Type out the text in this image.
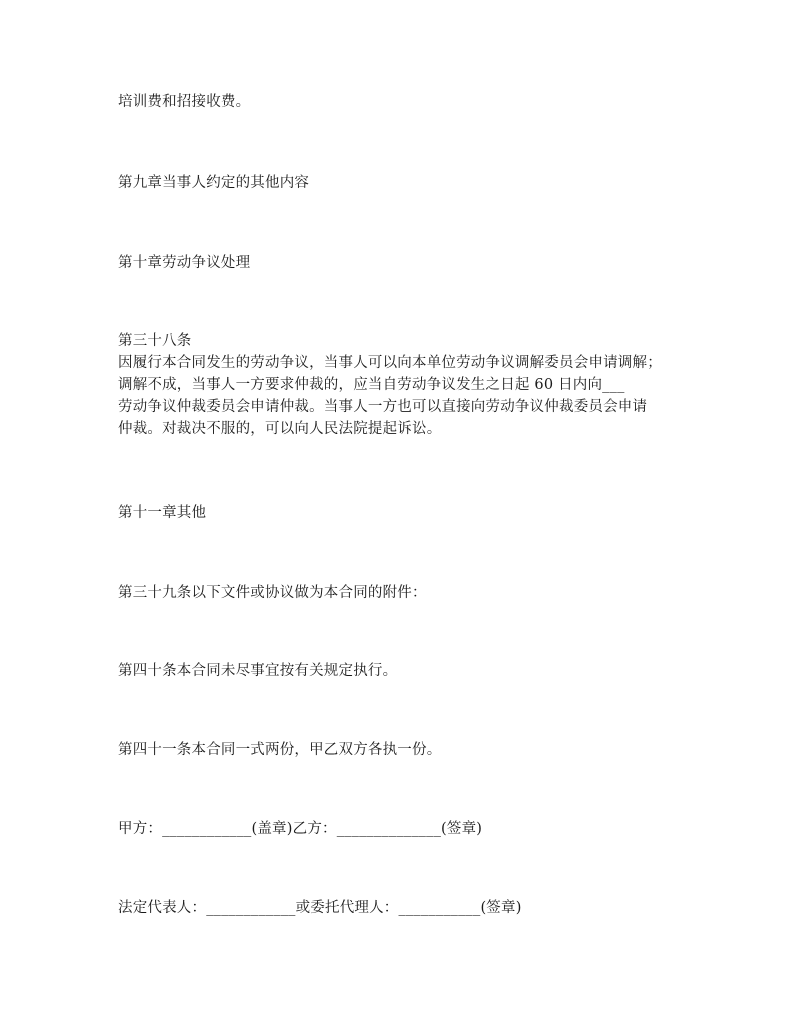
培训费和招接收费。
第九章当事人约定的其他内容
第十章劳动争议处理
第三十八条
因履行本合同发生的劳动争议，当事人可以向本单位劳动争议调解委员会申请调解；
调解不成，当事人一方要求仲裁的，应当自劳动争议发生之日起 60 日内向___
劳动争议仲裁委员会申请仲裁。当事人一方也可以直接向劳动争议仲裁委员会申请
仲裁。对裁决不服的，可以向人民法院提起诉讼。
第十一章其他
第三十九条以下文件或协议做为本合同的附件：
第四十条本合同未尽事宜按有关规定执行。
第四十一条本合同一式两份，甲乙双方各执一份。
甲方：____________(盖章)乙方：______________(签章)
法定代表人：____________或委托代理人：___________(签章)
